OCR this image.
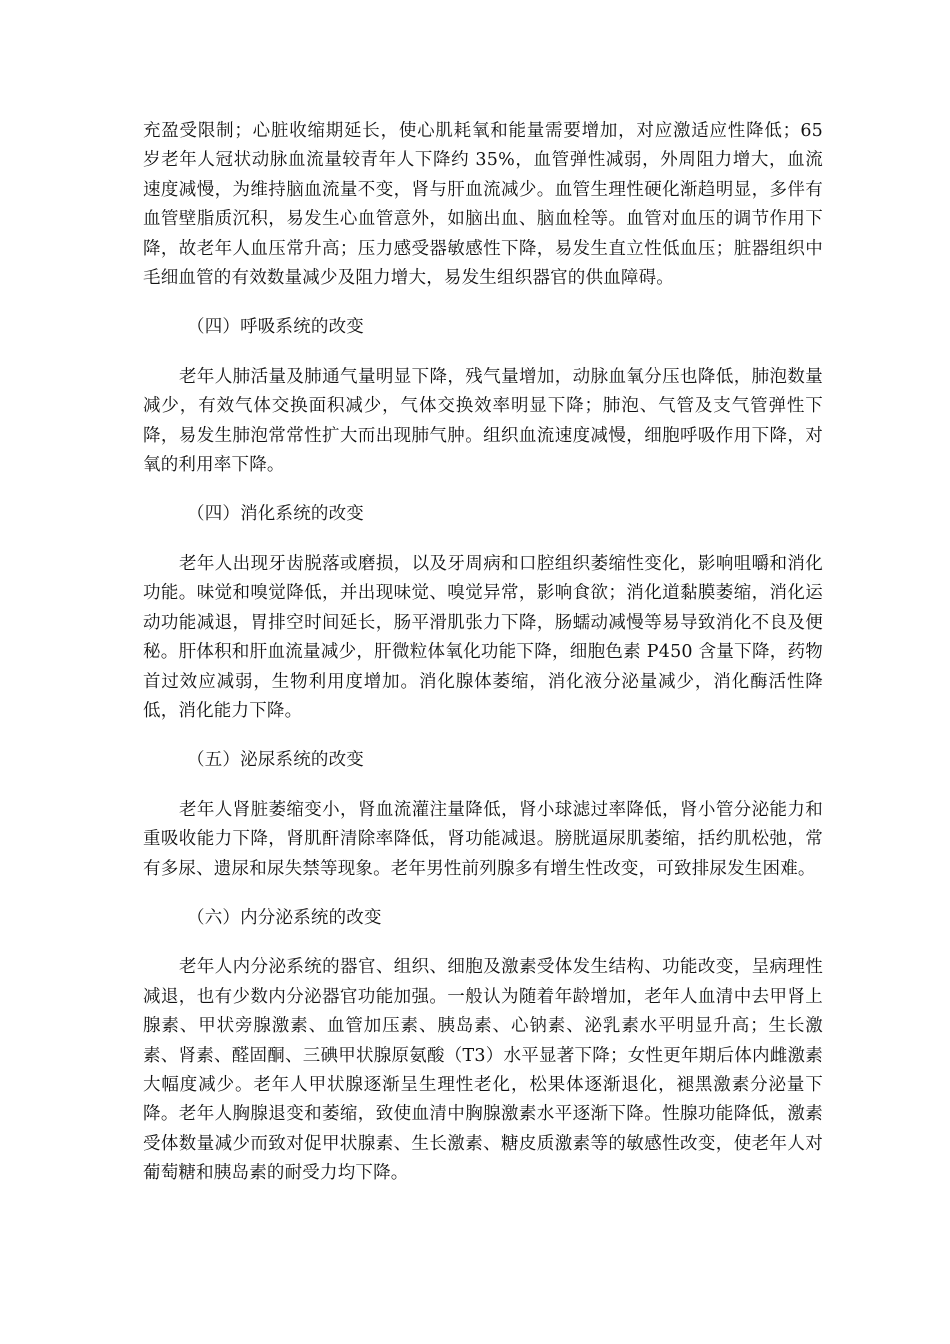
充盈受限制；心脏收缩期延长，使心肌耗氧和能量需要增加，对应激适应性降低；65 岁老年人冠状动脉血流量较青年人下降约 35%，血管弹性减弱，外周阻力增大，血流速度减慢，为维持脑血流量不变，肾与肝血流减少。血管生理性硬化渐趋明显，多伴有血管壁脂质沉积，易发生心血管意外，如脑出血、脑血栓等。血管对血压的调节作用下降，故老年人血压常升高；压力感受器敏感性下降，易发生直立性低血压；脏器组织中毛细血管的有效数量减少及阻力增大，易发生组织器官的供血障碍。

（四）呼吸系统的改变

老年人肺活量及肺通气量明显下降，残气量增加，动脉血氧分压也降低，肺泡数量减少，有效气体交换面积减少，气体交换效率明显下降；肺泡、气管及支气管弹性下降，易发生肺泡常常性扩大而出现肺气肿。组织血流速度减慢，细胞呼吸作用下降，对氧的利用率下降。

（四）消化系统的改变

老年人出现牙齿脱落或磨损，以及牙周病和口腔组织萎缩性变化，影响咀嚼和消化功能。味觉和嗅觉降低，并出现味觉、嗅觉异常，影响食欲；消化道黏膜萎缩，消化运动功能减退，胃排空时间延长，肠平滑肌张力下降，肠蠕动减慢等易导致消化不良及便秘。肝体积和肝血流量减少，肝微粒体氧化功能下降，细胞色素 P450 含量下降，药物首过效应减弱，生物利用度增加。消化腺体萎缩，消化液分泌量减少，消化酶活性降低，消化能力下降。

（五）泌尿系统的改变

老年人肾脏萎缩变小，肾血流灌注量降低，肾小球滤过率降低，肾小管分泌能力和重吸收能力下降，肾肌酐清除率降低，肾功能减退。膀胱逼尿肌萎缩，括约肌松弛，常有多尿、遗尿和尿失禁等现象。老年男性前列腺多有增生性改变，可致排尿发生困难。

（六）内分泌系统的改变

老年人内分泌系统的器官、组织、细胞及激素受体发生结构、功能改变，呈病理性减退，也有少数内分泌器官功能加强。一般认为随着年龄增加，老年人血清中去甲肾上腺素、甲状旁腺激素、血管加压素、胰岛素、心钠素、泌乳素水平明显升高；生长激素、肾素、醛固酮、三碘甲状腺原氨酸（T3）水平显著下降；女性更年期后体内雌激素大幅度减少。老年人甲状腺逐渐呈生理性老化，松果体逐渐退化，褪黑激素分泌量下降。老年人胸腺退变和萎缩，致使血清中胸腺激素水平逐渐下降。性腺功能降低，激素受体数量减少而致对促甲状腺素、生长激素、糖皮质激素等的敏感性改变，使老年人对葡萄糖和胰岛素的耐受力均下降。
